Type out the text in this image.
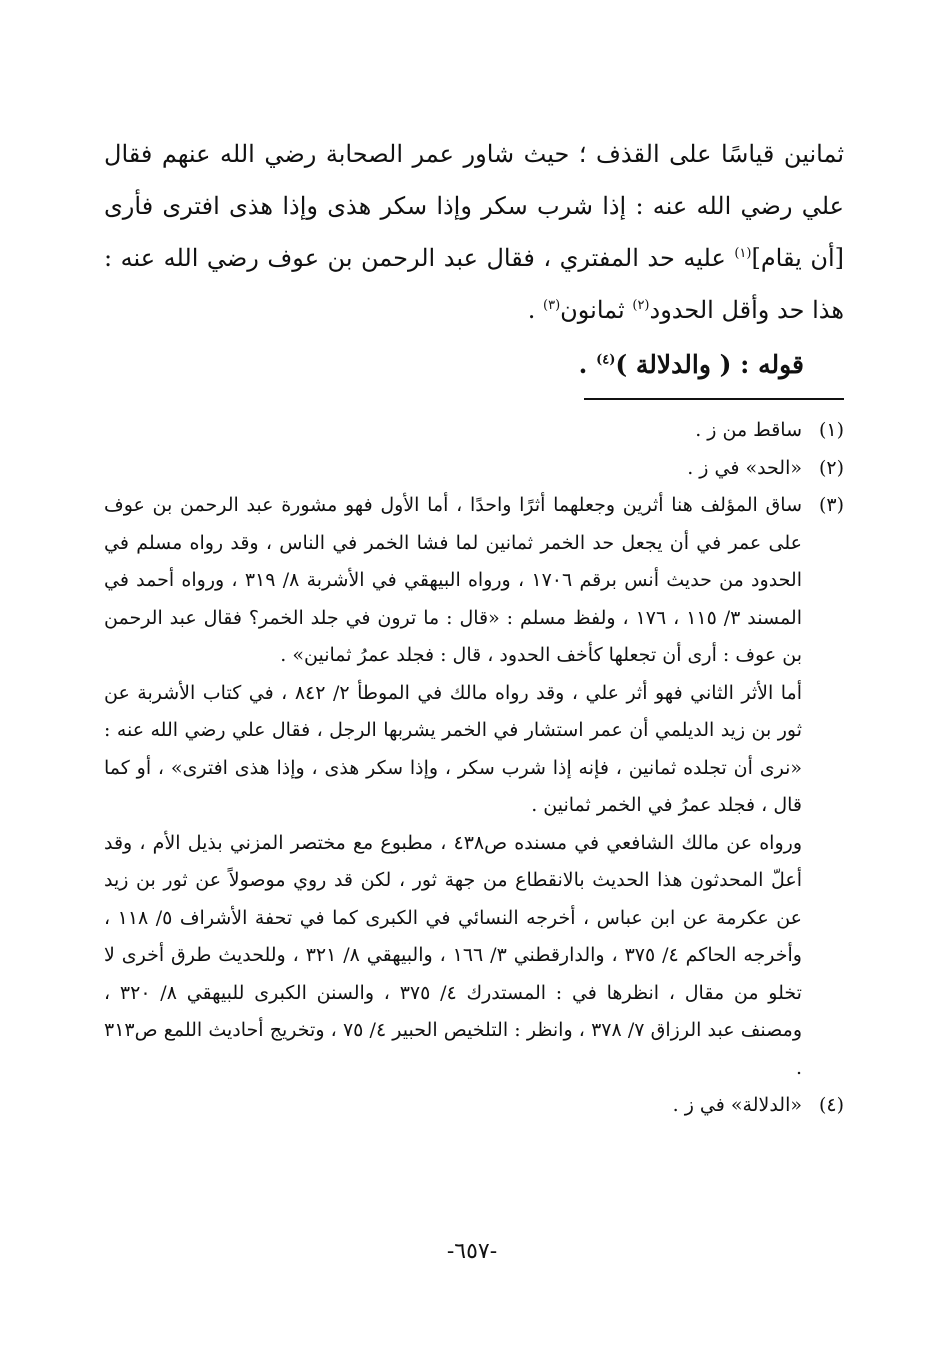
ثمانين قياسًا على القذف ؛ حيث شاور عمر الصحابة رضي الله عنهم فقال علي رضي الله عنه : إذا شرب سكر وإذا سكر هذى وإذا هذى افترى فأرى [أن يقام]$^{(١)}$ عليه حد المفتري ، فقال عبد الرحمن بن عوف رضي الله عنه : هذا حد وأقل الحدود$^{(٢)}$ ثمانون$^{(٣)}$ .

قوله : ( والدلالة )$^{(٤)}$ .
(١)

ساقط من ز .

(٢)

«الحد» في ز .

(٣)

ساق المؤلف هنا أثرين وجعلهما أثرًا واحدًا ، أما الأول فهو مشورة عبد الرحمن بن عوف على عمر في أن يجعل حد الخمر ثمانين لما فشا الخمر في الناس ، وقد رواه مسلم في الحدود من حديث أنس برقم ١٧٠٦ ، ورواه البيهقي في الأشربة ٨/ ٣١٩ ، ورواه أحمد في المسند ٣/ ١١٥ ، ١٧٦ ، ولفظ مسلم : «قال : ما ترون في جلد الخمر؟ فقال عبد الرحمن بن عوف : أرى أن تجعلها كأخف الحدود ، قال : فجلد عمرُ ثمانين» .

أما الأثر الثاني فهو أثر علي ، وقد رواه مالك في الموطأ ٢/ ٨٤٢ ، في كتاب الأشربة عن ثور بن زيد الديلمي أن عمر استشار في الخمر يشربها الرجل ، فقال علي رضي الله عنه : «نرى أن تجلده ثمانين ، فإنه إذا شرب سكر ، وإذا سكر هذى ، وإذا هذى افترى» ، أو كما قال ، فجلد عمرُ في الخمر ثمانين .

ورواه عن مالك الشافعي في مسنده ص٤٣٨ ، مطبوع مع مختصر المزني بذيل الأم ، وقد أعلّ المحدثون هذا الحديث بالانقطاع من جهة ثور ، لكن قد روي موصولاً عن ثور بن زيد عن عكرمة عن ابن عباس ، أخرجه النسائي في الكبرى كما في تحفة الأشراف ٥/ ١١٨ ، وأخرجه الحاكم ٤/ ٣٧٥ ، والدارقطني ٣/ ١٦٦ ، والبيهقي ٨/ ٣٢١ ، وللحديث طرق أخرى لا تخلو من مقال ، انظرها في : المستدرك ٤/ ٣٧٥ ، والسنن الكبرى للبيهقي ٨/ ٣٢٠ ، ومصنف عبد الرزاق ٧/ ٣٧٨ ، وانظر : التلخيص الحبير ٤/ ٧٥ ، وتخريج أحاديث اللمع ص٣١٣ .

(٤)

«الدلالة» في ز .

-٦٥٧-
